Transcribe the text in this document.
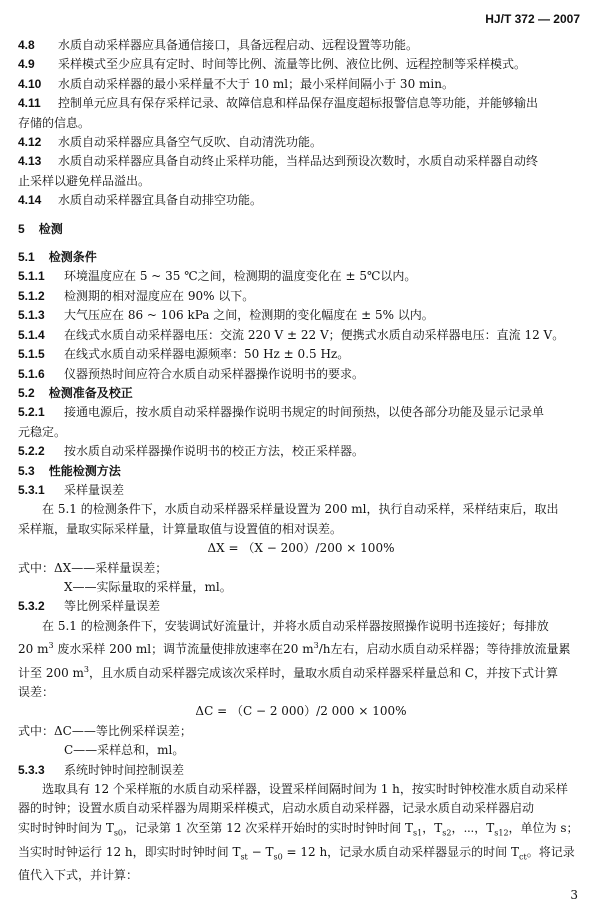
HJ/T 372 — 2007
4.8 水质自动采样器应具备通信接口，具备远程启动、远程设置等功能。
4.9 采样模式至少应具有定时、时间等比例、流量等比例、液位比例、远程控制等采样模式。
4.10 水质自动采样器的最小采样量不大于 10 ml；最小采样间隔小于 30 min。
4.11 控制单元应具有保存采样记录、故障信息和样品保存温度超标报警信息等功能，并能够输出
存储的信息。
4.12 水质自动采样器应具备空气反吹、自动清洗功能。
4.13 水质自动采样器应具备自动终止采样功能，当样品达到预设次数时，水质自动采样器自动终
止采样以避免样品溢出。
4.14 水质自动采样器宜具备自动排空功能。
5 检测
5.1 检测条件
5.1.1 环境温度应在 5 ~ 35 ℃之间，检测期的温度变化在 ± 5℃以内。
5.1.2 检测期的相对湿度应在 90% 以下。
5.1.3 大气压应在 86 ~ 106 kPa 之间，检测期的变化幅度在 ± 5% 以内。
5.1.4 在线式水质自动采样器电压：交流 220 V ± 22 V；便携式水质自动采样器电压：直流 12 V。
5.1.5 在线式水质自动采样器电源频率：50 Hz ± 0.5 Hz。
5.1.6 仪器预热时间应符合水质自动采样器操作说明书的要求。
5.2 检测准备及校正
5.2.1 接通电源后，按水质自动采样器操作说明书规定的时间预热，以使各部分功能及显示记录单
元稳定。
5.2.2 按水质自动采样器操作说明书的校正方法，校正采样器。
5.3 性能检测方法
5.3.1 采样量误差
在 5.1 的检测条件下，水质自动采样器采样量设置为 200 ml，执行自动采样，采样结束后，取出
采样瓶，量取实际采样量，计算量取值与设置值的相对误差。
ΔX = （X − 200）/200 × 100%
式中：ΔX——采样量误差；
X——实际量取的采样量，ml。
5.3.2 等比例采样量误差
在 5.1 的检测条件下，安装调试好流量计，并将水质自动采样器按照操作说明书连接好；每排放
20 $m^3$ 废水采样 200 ml；调节流量使排放速率在20 $m^3/h$左右，启动水质自动采样器；等待排放流量累
计至 200 $m^3$，且水质自动采样器完成该次采样时，量取水质自动采样器采样量总和 C，并按下式计算
误差：
ΔC = （C − 2 000）/2 000 × 100%
式中：ΔC——等比例采样误差；
C——采样总和，ml。
5.3.3 系统时钟时间控制误差
选取具有 12 个采样瓶的水质自动采样器，设置采样间隔时间为 1 h，按实时时钟校准水质自动采样
器的时钟；设置水质自动采样器为周期采样模式，启动水质自动采样器，记录水质自动采样器启动
实时时钟时间为 $T_{s0}$，记录第 1 次至第 12 次采样开始时的实时时钟时间 $T_{s1}$，$T_{s2}$，⋯，$T_{s12}$，单位为 s；
当实时时钟运行 12 h，即实时时钟时间 $T_{st} - T_{s0} = 12$ h，记录水质自动采样器显示的时间 $T_{ct}$。将记录
值代入下式，并计算：
3
